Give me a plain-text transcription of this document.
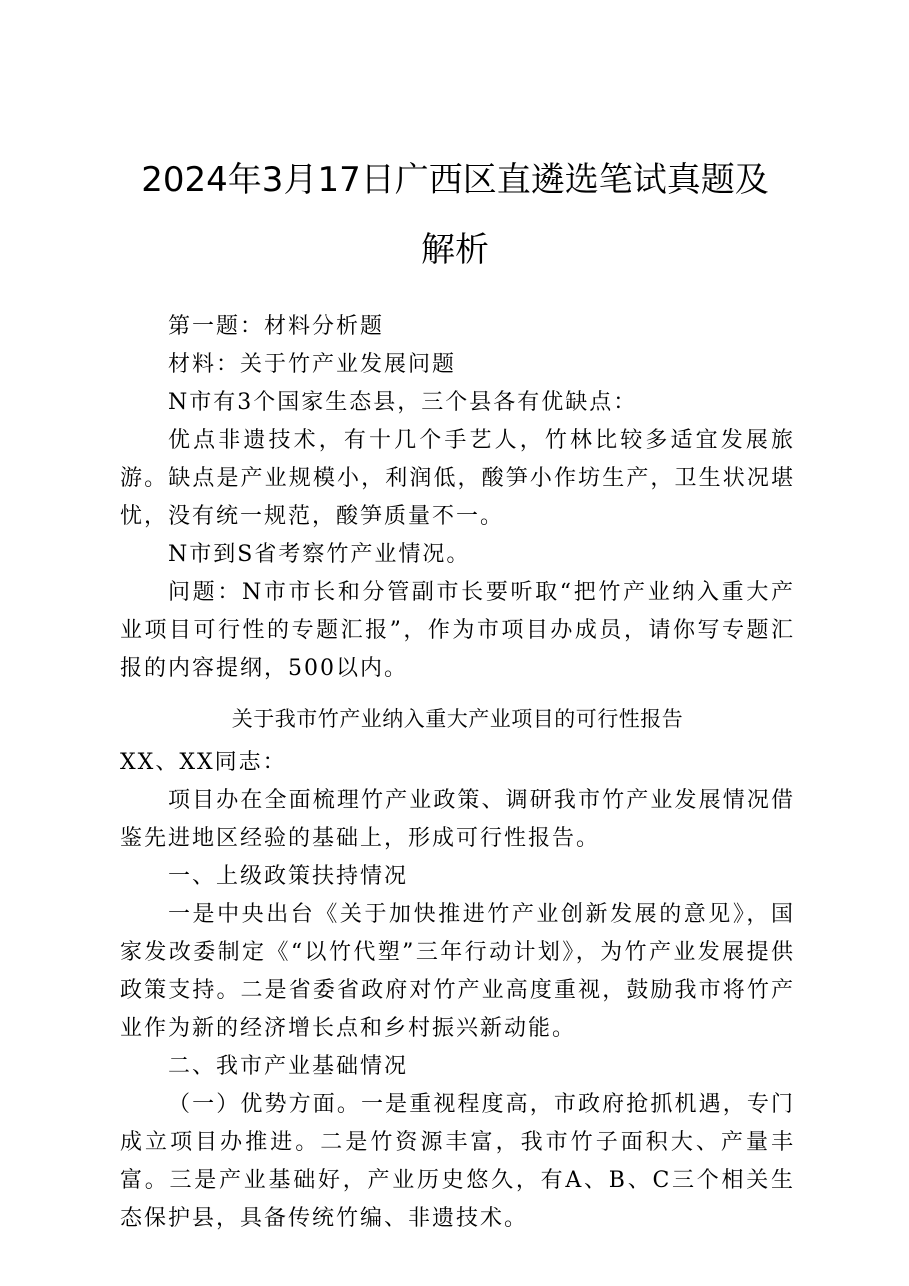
2024年3月17日广西区直遴选笔试真题及
解析

第一题：材料分析题

材料：关于竹产业发展问题

N市有3个国家生态县，三个县各有优缺点：

优点非遗技术，有十几个手艺人，竹林比较多适宜发展旅游。缺点是产业规模小，利润低，酸笋小作坊生产，卫生状况堪忧，没有统一规范，酸笋质量不一。

N市到S省考察竹产业情况。

问题：N市市长和分管副市长要听取“把竹产业纳入重大产业项目可行性的专题汇报”，作为市项目办成员，请你写专题汇报的内容提纲，500以内。

关于我市竹产业纳入重大产业项目的可行性报告

XX、XX同志：

项目办在全面梳理竹产业政策、调研我市竹产业发展情况借鉴先进地区经验的基础上，形成可行性报告。

一、上级政策扶持情况

一是中央出台《关于加快推进竹产业创新发展的意见》，国家发改委制定《“以竹代塑”三年行动计划》，为竹产业发展提供政策支持。二是省委省政府对竹产业高度重视，鼓励我市将竹产业作为新的经济增长点和乡村振兴新动能。

二、我市产业基础情况

（一）优势方面。一是重视程度高，市政府抢抓机遇，专门成立项目办推进。二是竹资源丰富，我市竹子面积大、产量丰富。三是产业基础好，产业历史悠久，有A、B、C三个相关生态保护县，具备传统竹编、非遗技术。
